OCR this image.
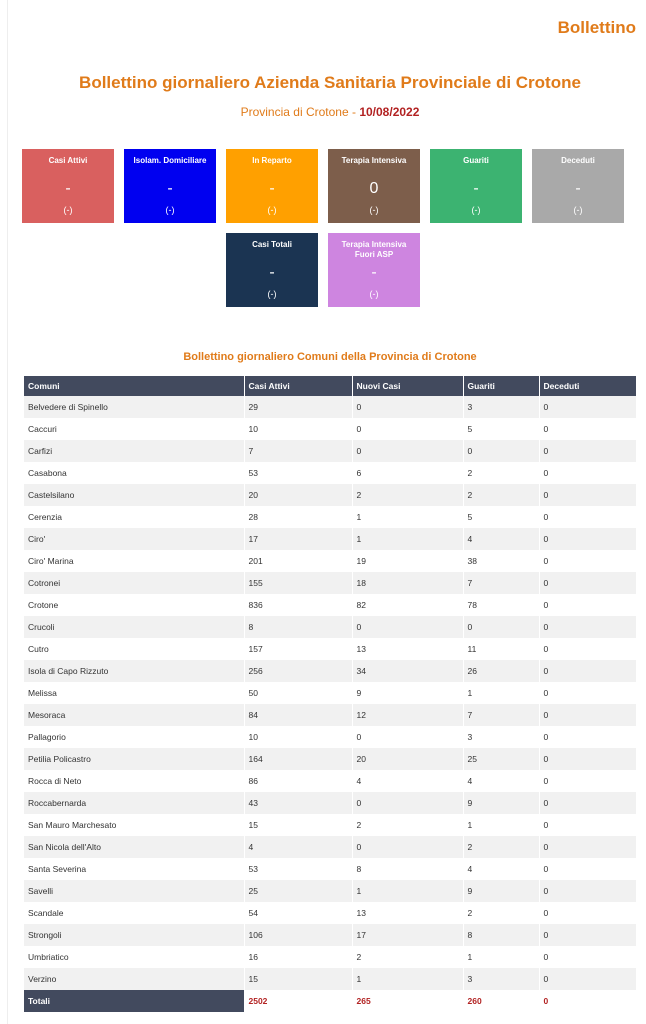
Bollettino
Bollettino giornaliero Azienda Sanitaria Provinciale di Crotone
Provincia di Crotone - 10/08/2022
Casi Attivi
-
(-)
Isolam. Domiciliare
-
(-)
In Reparto
-
(-)
Terapia Intensiva
0
(-)
Guariti
-
(-)
Deceduti
-
(-)
Casi Totali
-
(-)
Terapia Intensiva Fuori ASP
-
(-)
Bollettino giornaliero Comuni della Provincia di Crotone
Comuni	Casi Attivi	Nuovi Casi	Guariti	Deceduti
Belvedere di Spinello	29	0	3	0
Caccuri	10	0	5	0
Carfizi	7	0	0	0
Casabona	53	6	2	0
Castelsilano	20	2	2	0
Cerenzia	28	1	5	0
Ciro'	17	1	4	0
Ciro' Marina	201	19	38	0
Cotronei	155	18	7	0
Crotone	836	82	78	0
Crucoli	8	0	0	0
Cutro	157	13	11	0
Isola di Capo Rizzuto	256	34	26	0
Melissa	50	9	1	0
Mesoraca	84	12	7	0
Pallagorio	10	0	3	0
Petilia Policastro	164	20	25	0
Rocca di Neto	86	4	4	0
Roccabernarda	43	0	9	0
San Mauro Marchesato	15	2	1	0
San Nicola dell'Alto	4	0	2	0
Santa Severina	53	8	4	0
Savelli	25	1	9	0
Scandale	54	13	2	0
Strongoli	106	17	8	0
Umbriatico	16	2	1	0
Verzino	15	1	3	0
Totali	2502	265	260	0
